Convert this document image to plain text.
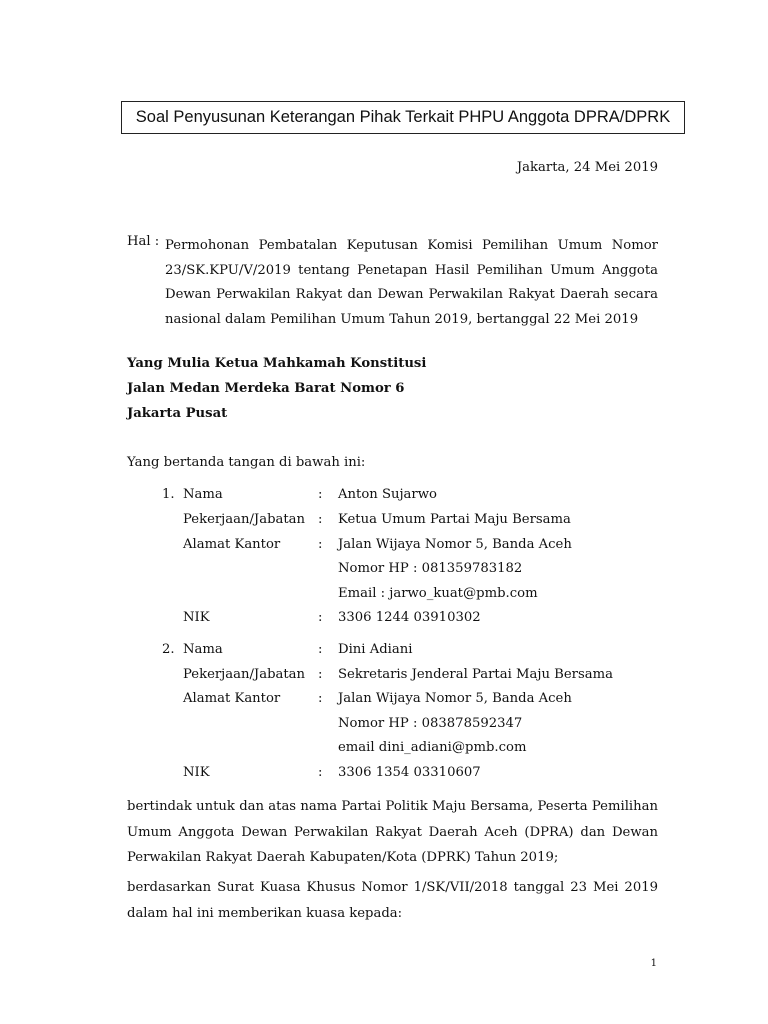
Soal Penyusunan Keterangan Pihak Terkait PHPU Anggota DPRA/DPRK
Jakarta, 24 Mei 2019
Hal : Permohonan Pembatalan Keputusan Komisi Pemilihan Umum Nomor 23/SK.KPU/V/2019 tentang Penetapan Hasil Pemilihan Umum Anggota Dewan Perwakilan Rakyat dan Dewan Perwakilan Rakyat Daerah secara nasional dalam Pemilihan Umum Tahun 2019, bertanggal 22 Mei 2019
Yang Mulia Ketua Mahkamah Konstitusi
Jalan Medan Merdeka Barat Nomor 6
Jakarta Pusat
Yang bertanda tangan di bawah ini:
1. Nama	: Anton Sujarwo
Pekerjaan/Jabatan : Ketua Umum Partai Maju Bersama
Alamat Kantor	: Jalan Wijaya Nomor 5, Banda Aceh
Nomor HP : 081359783182
Email : jarwo_kuat@pmb.com
NIK	: 3306 1244 03910302
2. Nama	: Dini Adiani
Pekerjaan/Jabatan : Sekretaris Jenderal Partai Maju Bersama
Alamat Kantor	: Jalan Wijaya Nomor 5, Banda Aceh
Nomor HP : 083878592347
email dini_adiani@pmb.com
NIK	: 3306 1354 03310607
bertindak untuk dan atas nama Partai Politik Maju Bersama, Peserta Pemilihan Umum Anggota Dewan Perwakilan Rakyat Daerah Aceh (DPRA) dan Dewan Perwakilan Rakyat Daerah Kabupaten/Kota (DPRK) Tahun 2019;
berdasarkan Surat Kuasa Khusus Nomor 1/SK/VII/2018 tanggal 23 Mei 2019 dalam hal ini memberikan kuasa kepada:
1
